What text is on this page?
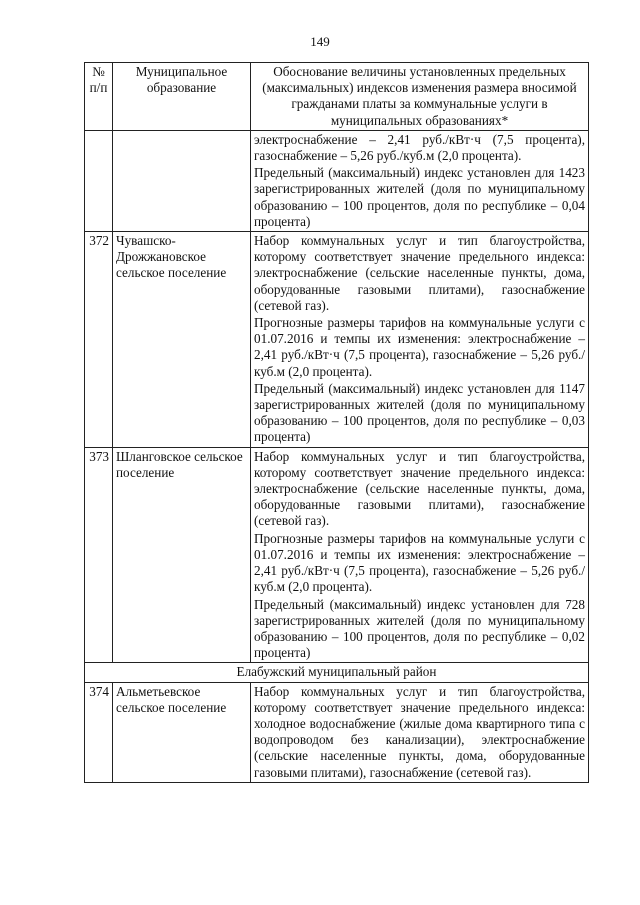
149
№ п/п	Муниципальное образование	Обоснование величины установленных предельных (максимальных) индексов изменения размера вносимой гражданами платы за коммунальные услуги в муниципальных образованиях*

		электроснабжение – 2,41 руб./кВт·ч (7,5 процента), газоснабжение – 5,26 руб./куб.м (2,0 процента).

Предельный (максимальный) индекс установлен для 1423 зарегистрированных жителей (доля по муниципальному образованию – 100 процентов, доля по республике – 0,04 процента)

372	Чувашско-Дрожжановское сельское поселение	Набор коммунальных услуг и тип благоустройства, которому соответствует значение предельного индекса: электроснабжение (сельские населенные пункты, дома, оборудованные газовыми плитами), газоснабжение (сетевой газ).

Прогнозные размеры тарифов на коммунальные услуги с 01.07.2016 и темпы их изменения: электроснабжение – 2,41 руб./кВт·ч (7,5 процента), газоснабжение – 5,26 руб./куб.м (2,0 процента).

Предельный (максимальный) индекс установлен для 1147 зарегистрированных жителей (доля по муниципальному образованию – 100 процентов, доля по республике – 0,03 процента)

373	Шланговское сельское поселение	Набор коммунальных услуг и тип благоустройства, которому соответствует значение предельного индекса: электроснабжение (сельские населенные пункты, дома, оборудованные газовыми плитами), газоснабжение (сетевой газ).

Прогнозные размеры тарифов на коммунальные услуги с 01.07.2016 и темпы их изменения: электроснабжение – 2,41 руб./кВт·ч (7,5 процента), газоснабжение – 5,26 руб./куб.м (2,0 процента).

Предельный (максимальный) индекс установлен для 728 зарегистрированных жителей (доля по муниципальному образованию – 100 процентов, доля по республике – 0,02 процента)

Елабужский муниципальный район		
374	Альметьевское сельское поселение	Набор коммунальных услуг и тип благоустройства, которому соответствует значение предельного индекса: холодное водоснабжение (жилые дома квартирного типа с водопроводом без канализации), электроснабжение (сельские населенные пункты, дома, оборудованные газовыми плитами), газоснабжение (сетевой газ).
